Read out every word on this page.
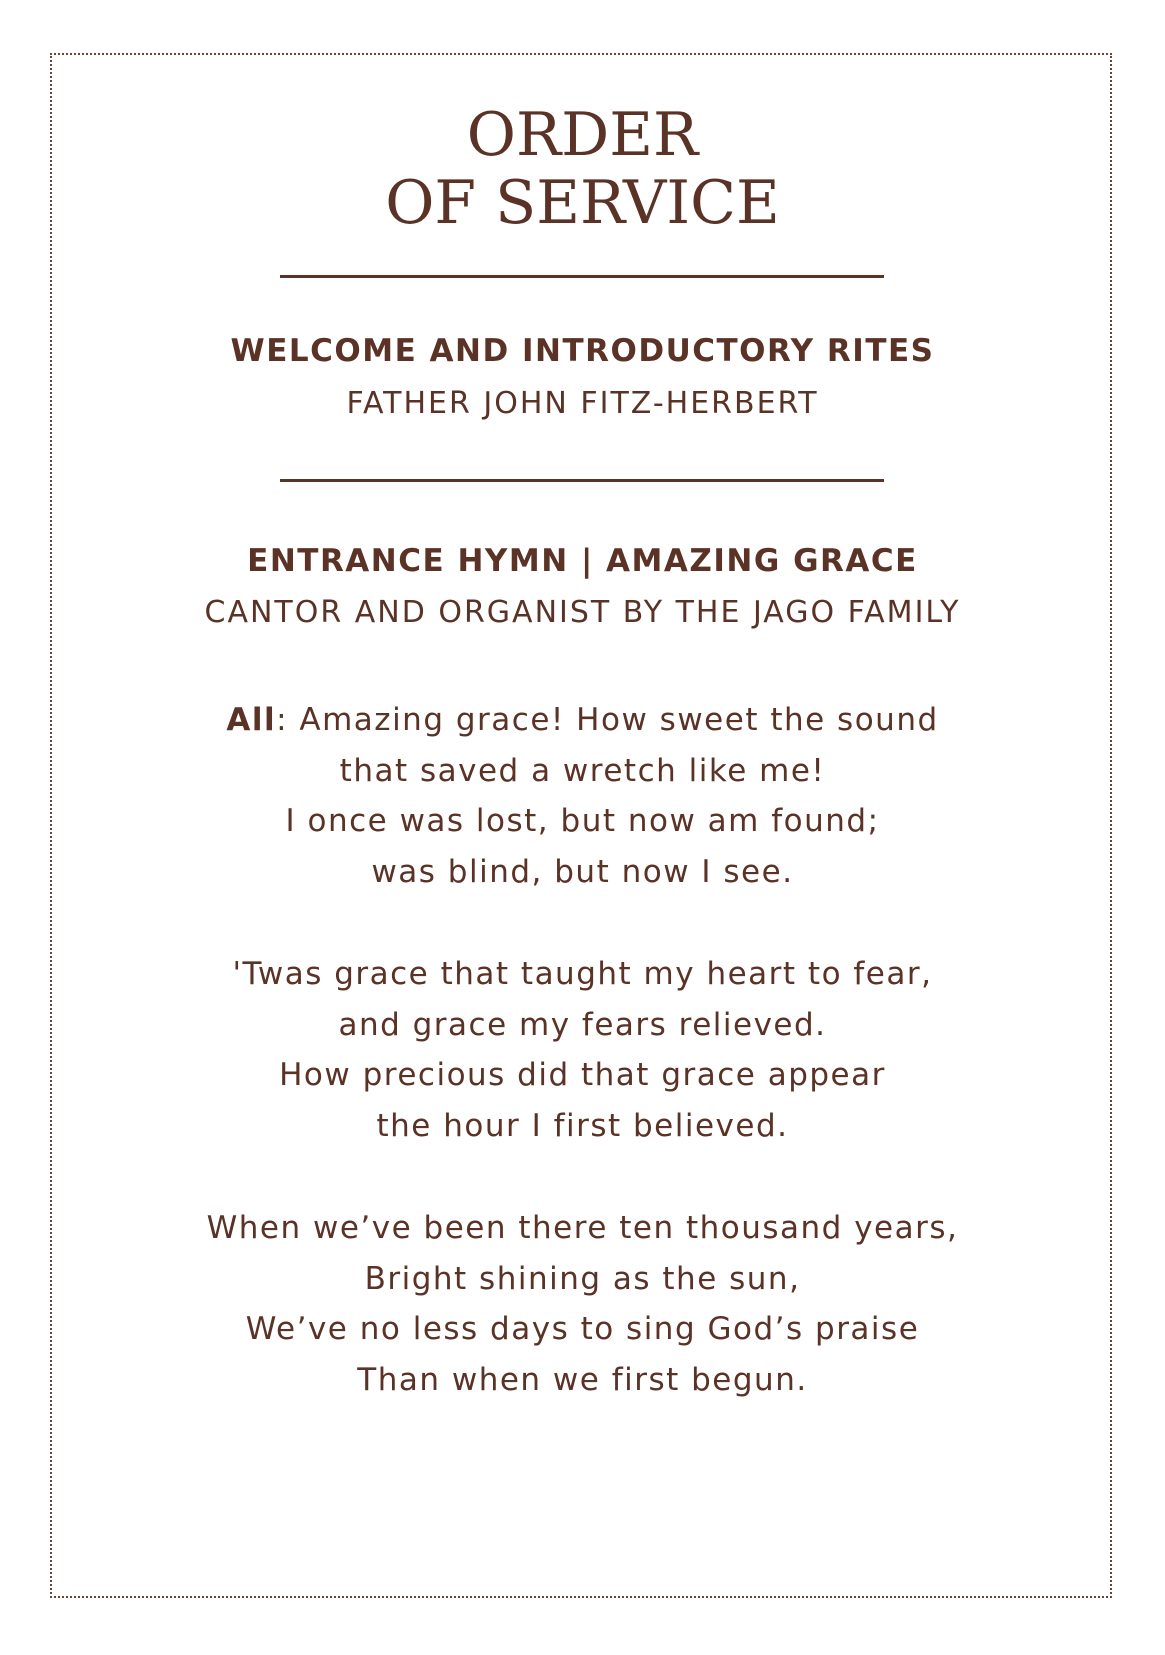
ORDER
OF SERVICE
WELCOME AND INTRODUCTORY RITES
FATHER JOHN FITZ-HERBERT
ENTRANCE HYMN | AMAZING GRACE
CANTOR AND ORGANIST BY THE JAGO FAMILY
All: Amazing grace! How sweet the sound
that saved a wretch like me!
I once was lost, but now am found;
was blind, but now I see.
'Twas grace that taught my heart to fear,
and grace my fears relieved.
How precious did that grace appear
the hour I first believed.
When we’ve been there ten thousand years,
Bright shining as the sun,
We’ve no less days to sing God’s praise
Than when we first begun.
